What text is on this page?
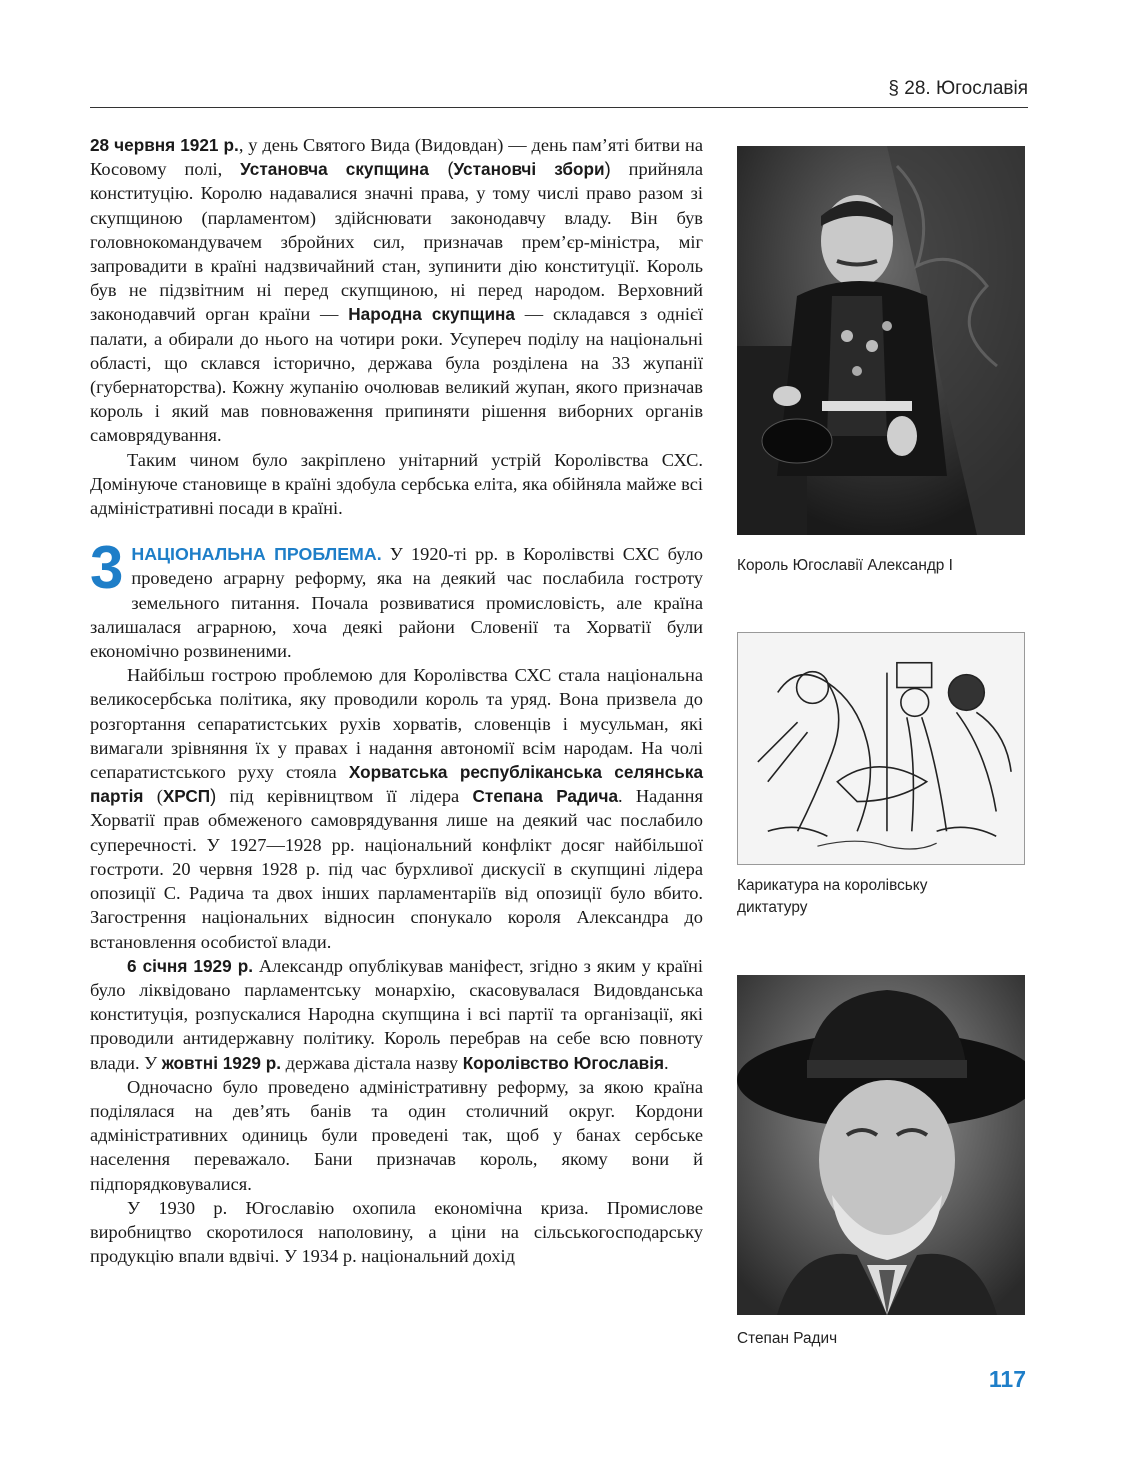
§ 28. Югославія

28 червня 1921 р., у день Святого Вида (Видовдан) — день пам’яті битви на Косовому полі, Установча скупщина (Установчі збори) прийняла конституцію. Королю надавалися значні права, у тому числі право разом зі скупщиною (парламентом) здійснювати законодавчу владу. Він був головнокомандувачем збройних сил, призначав прем’єр-міністра, міг запровадити в країні надзвичайний стан, зупинити дію конституції. Король був не підзвітним ні перед скупщиною, ні перед народом. Верховний законодавчий орган країни — Народна скупщина — складався з однієї палати, а обирали до нього на чотири роки. Усупереч поділу на національні області, що склався історично, держава була розділена на 33 жупанії (губернаторства). Кожну жупанію очолював великий жупан, якого призначав король і який мав повноваження припиняти рішення виборних органів самоврядування.

Таким чином було закріплено унітарний устрій Королівства СХС. Домінуюче становище в країні здобула сербська еліта, яка обійняла майже всі адміністративні посади в країні.

3 НАЦІОНАЛЬНА ПРОБЛЕМА. У 1920-ті рр. в Королівстві СХС було проведено аграрну реформу, яка на деякий час послабила гостроту земельного питання. Почала розвиватися промисловість, але країна залишалася аграрною, хоча деякі райони Словенії та Хорватії були економічно розвиненими.

Найбільш гострою проблемою для Королівства СХС стала національна великосербська політика, яку проводили король та уряд. Вона призвела до розгортання сепаратистських рухів хорватів, словенців і мусульман, які вимагали зрівняння їх у правах і надання автономії всім народам. На чолі сепаратистського руху стояла Хорватська республіканська селянська партія (ХРСП) під керівництвом її лідера Степана Радича. Надання Хорватії прав обмеженого самоврядування лише на деякий час послабило суперечності. У 1927—1928 рр. національний конфлікт досяг найбільшої гостроти. 20 червня 1928 р. під час бурхливої дискусії в скупщині лідера опозиції С. Радича та двох інших парламентаріїв від опозиції було вбито. Загострення національних відносин спонукало короля Александра до встановлення особистої влади.

6 січня 1929 р. Александр опублікував маніфест, згідно з яким у країні було ліквідовано парламентську монархію, скасовувалася Видовданська конституція, розпускалися Народна скупщина і всі партії та організації, які проводили антидержавну політику. Король перебрав на себе всю повноту влади. У жовтні 1929 р. держава дістала назву Королівство Югославія.

Одночасно було проведено адміністративну реформу, за якою країна поділялася на дев’ять банів та один столичний округ. Кордони адміністративних одиниць були проведені так, щоб у банах сербське населення переважало. Бани призначав король, якому вони й підпорядковувалися.

У 1930 р. Югославію охопила економічна криза. Промислове виробництво скоротилося наполовину, а ціни на сільськогосподарську продукцію впали вдвічі. У 1934 р. національний дохід

Король Югославії Александр I
Карикатура на королівську диктатуру
Степан Радич
117
